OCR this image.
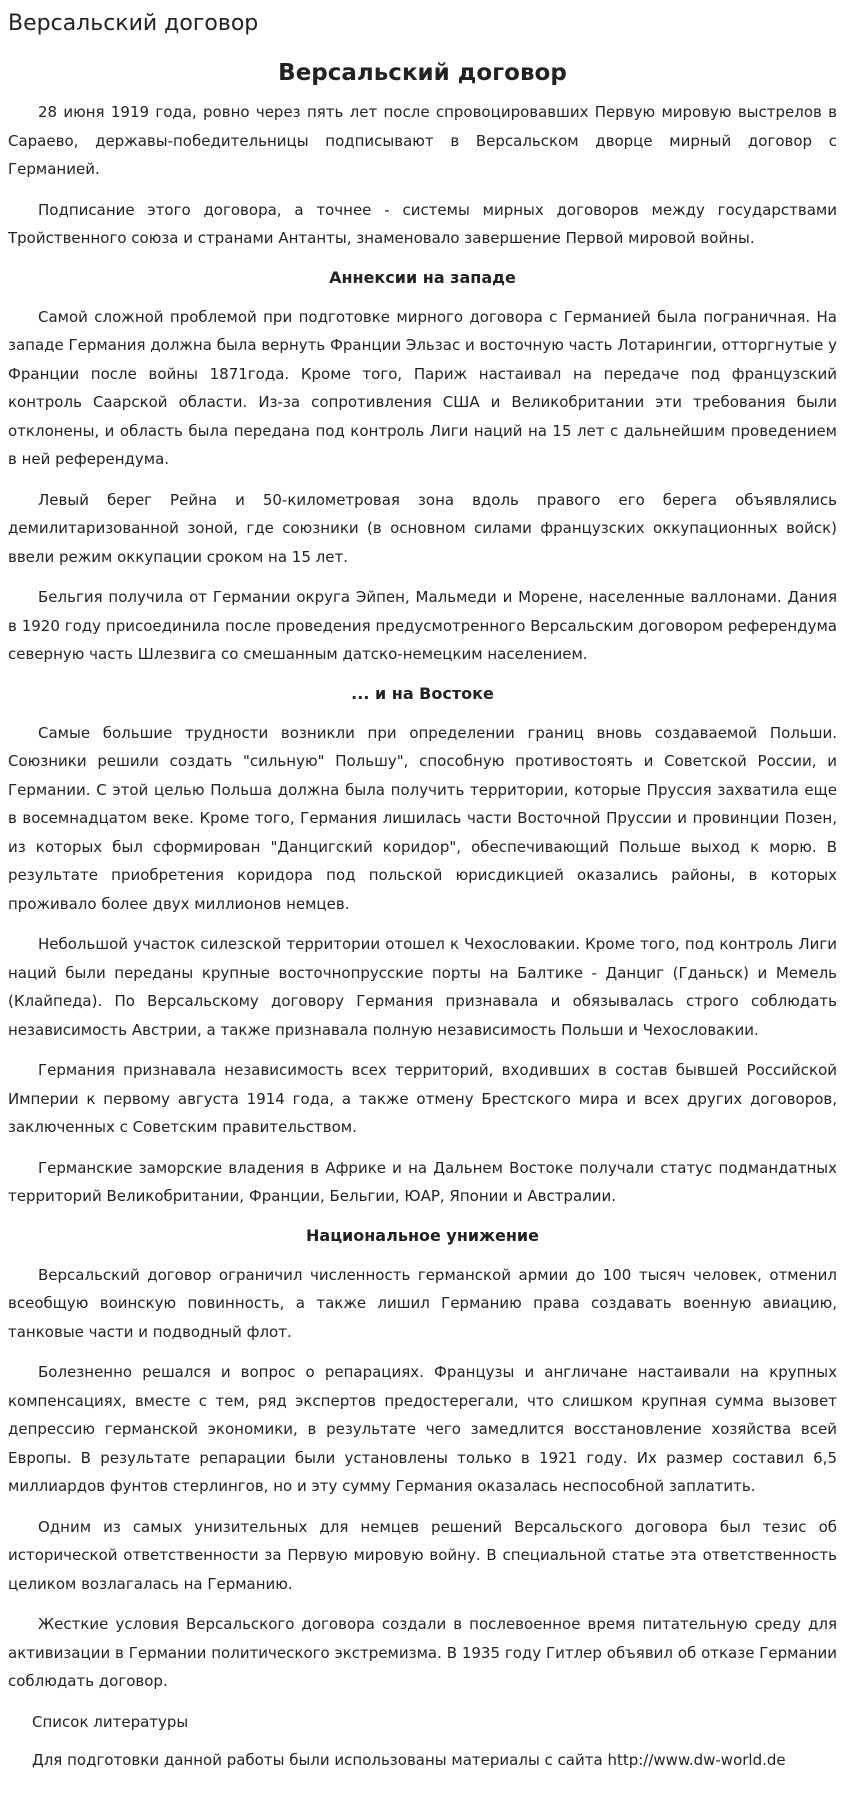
Версальский договор
Версальский договор

28 июня 1919 года, ровно через пять лет после спровоцировавших Первую мировую выстрелов в Сараево, державы-победительницы подписывают в Версальском дворце мирный договор с Германией.

Подписание этого договора, а точнее - системы мирных договоров между государствами Тройственного союза и странами Антанты, знаменовало завершение Первой мировой войны.

Аннексии на западе

Самой сложной проблемой при подготовке мирного договора с Германией была пограничная. На западе Германия должна была вернуть Франции Эльзас и восточную часть Лотарингии, отторгнутые у Франции после войны 1871года. Кроме того, Париж настаивал на передаче под французский контроль Саарской области. Из-за сопротивления США и Великобритании эти требования были отклонены, и область была передана под контроль Лиги наций на 15 лет с дальнейшим проведением в ней референдума.

Левый берег Рейна и 50-километровая зона вдоль правого его берега объявлялись демилитаризованной зоной, где союзники (в основном силами французских оккупационных войск) ввели режим оккупации сроком на 15 лет.

Бельгия получила от Германии округа Эйпен, Мальмеди и Морене, населенные валлонами. Дания в 1920 году присоединила после проведения предусмотренного Версальским договором референдума северную часть Шлезвига со смешанным датско-немецким населением.

... и на Востоке

Самые большие трудности возникли при определении границ вновь создаваемой Польши. Союзники решили создать "сильную" Польшу", способную противостоять и Советской России, и Германии. С этой целью Польша должна была получить территории, которые Пруссия захватила еще в восемнадцатом веке. Кроме того, Германия лишилась части Восточной Пруссии и провинции Позен, из которых был сформирован "Данцигский коридор", обеспечивающий Польше выход к морю. В результате приобретения коридора под польской юрисдикцией оказались районы, в которых проживало более двух миллионов немцев.

Небольшой участок силезской территории отошел к Чехословакии. Кроме того, под контроль Лиги наций были переданы крупные восточнопрусские порты на Балтике - Данциг (Гданьск) и Мемель (Клайпеда). По Версальскому договору Германия признавала и обязывалась строго соблюдать независимость Австрии, а также признавала полную независимость Польши и Чехословакии.

Германия признавала независимость всех территорий, входивших в состав бывшей Российской Империи к первому августа 1914 года, а также отмену Брестского мира и всех других договоров, заключенных с Советским правительством.

Германские заморские владения в Африке и на Дальнем Востоке получали статус подмандатных территорий Великобритании, Франции, Бельгии, ЮАР, Японии и Австралии.

Национальное унижение

Версальский договор ограничил численность германской армии до 100 тысяч человек, отменил всеобщую воинскую повинность, а также лишил Германию права создавать военную авиацию, танковые части и подводный флот.

Болезненно решался и вопрос о репарациях. Французы и англичане настаивали на крупных компенсациях, вместе с тем, ряд экспертов предостерегали, что слишком крупная сумма вызовет депрессию германской экономики, в результате чего замедлится восстановление хозяйства всей Европы. В результате репарации были установлены только в 1921 году. Их размер составил 6,5 миллиардов фунтов стерлингов, но и эту сумму Германия оказалась неспособной заплатить.

Одним из самых унизительных для немцев решений Версальского договора был тезис об исторической ответственности за Первую мировую войну. В специальной статье эта ответственность целиком возлагалась на Германию.

Жесткие условия Версальского договора создали в послевоенное время питательную среду для активизации в Германии политического экстремизма. В 1935 году Гитлер объявил об отказе Германии соблюдать договор.

Список литературы

Для подготовки данной работы были использованы материалы с сайта http://www.dw-world.de
